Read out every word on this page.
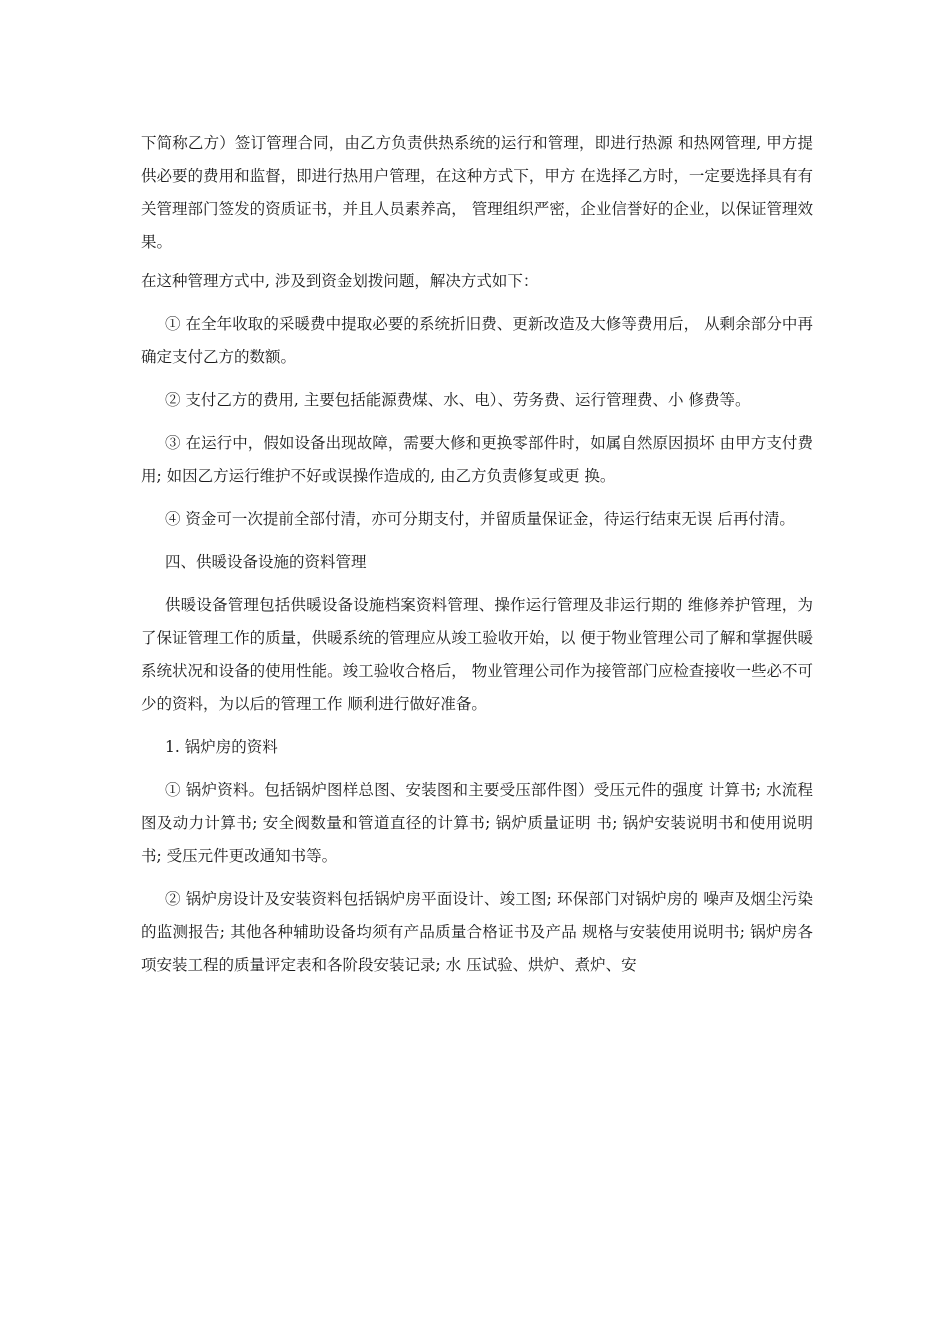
下简称乙方）签订管理合同，由乙方负责供热系统的运行和管理，即进行热源 和热网管理, 甲方提供必要的费用和监督，即进行热用户管理，在这种方式下，甲方 在选择乙方时，一定要选择具有有关管理部门签发的资质证书，并且人员素养高， 管理组织严密，企业信誉好的企业，以保证管理效果。

在这种管理方式中, 涉及到资金划拨问题，解决方式如下：

① 在全年收取的采暖费中提取必要的系统折旧费、更新改造及大修等费用后， 从剩余部分中再确定支付乙方的数额。

② 支付乙方的费用, 主要包括能源费煤、水、电）、劳务费、运行管理费、小 修费等。

③ 在运行中，假如设备出现故障，需要大修和更换零部件时，如属自然原因损坏 由甲方支付费用; 如因乙方运行维护不好或误操作造成的, 由乙方负责修复或更 换。

④ 资金可一次提前全部付清，亦可分期支付，并留质量保证金，待运行结束无误 后再付清。

四、供暖设备设施的资料管理

供暖设备管理包括供暖设备设施档案资料管理、操作运行管理及非运行期的 维修养护管理，为了保证管理工作的质量，供暖系统的管理应从竣工验收开始，以 便于物业管理公司了解和掌握供暖系统状况和设备的使用性能。竣工验收合格后， 物业管理公司作为接管部门应检查接收一些必不可少的资料，为以后的管理工作 顺利进行做好准备。

1. 锅炉房的资料

① 锅炉资料。包括锅炉图样总图、安装图和主要受压部件图）受压元件的强度 计算书; 水流程图及动力计算书; 安全阀数量和管道直径的计算书; 锅炉质量证明 书; 锅炉安装说明书和使用说明书; 受压元件更改通知书等。

② 锅炉房设计及安装资料包括锅炉房平面设计、竣工图; 环保部门对锅炉房的 噪声及烟尘污染的监测报告; 其他各种辅助设备均须有产品质量合格证书及产品 规格与安装使用说明书; 锅炉房各项安装工程的质量评定表和各阶段安装记录; 水 压试验、烘炉、煮炉、安
